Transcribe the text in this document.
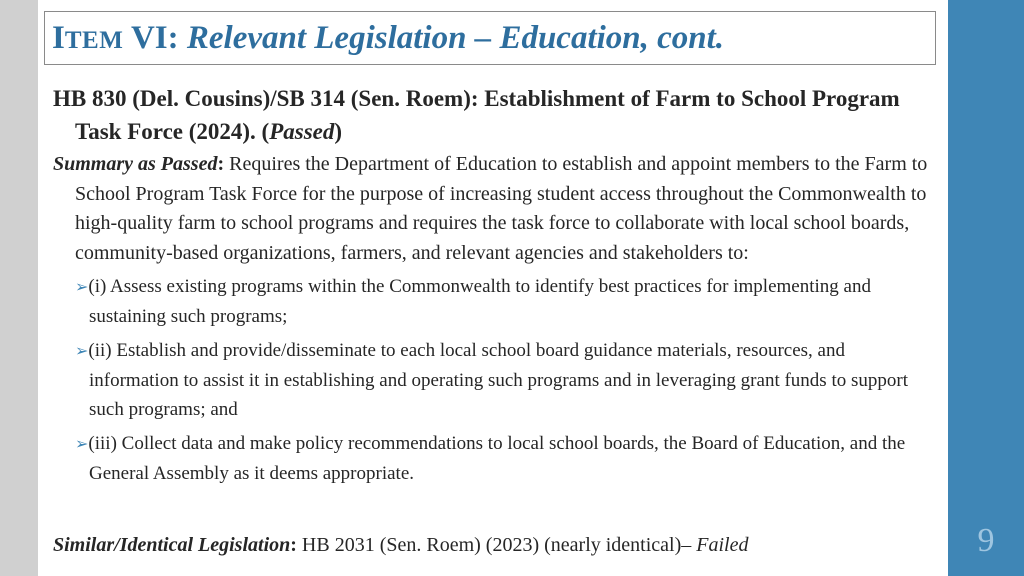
9
ITEM VI: Relevant Legislation – Education, cont.

HB 830 (Del. Cousins)/SB 314 (Sen. Roem): Establishment of Farm to School Program Task Force (2024). (Passed)

Summary as Passed: Requires the Department of Education to establish and appoint members to the Farm to School Program Task Force for the purpose of increasing student access throughout the Commonwealth to high-quality farm to school programs and requires the task force to collaborate with local school boards, community-based organizations, farmers, and relevant agencies and stakeholders to:

➢(i) Assess existing programs within the Commonwealth to identify best practices for implementing and sustaining such programs;
➢(ii) Establish and provide/disseminate to each local school board guidance materials, resources, and information to assist it in establishing and operating such programs and in leveraging grant funds to support such programs; and
➢(iii) Collect data and make policy recommendations to local school boards, the Board of Education, and the General Assembly as it deems appropriate.
Similar/Identical Legislation: HB 2031 (Sen. Roem) (2023) (nearly identical)– Failed
